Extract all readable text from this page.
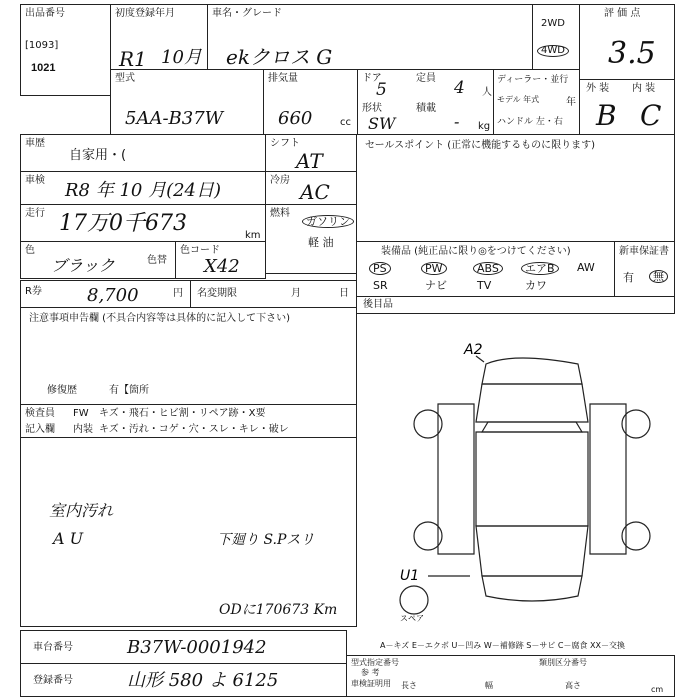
出品番号
[1093]
1021
初度登録年月
R1 10月
車名・グレード
ekクロス G
2WD
4WD
評 価 点
3.5
外 装 内 装
B C
型式
5AA-B37W
排気量
660	cc
ドア
5
定員 4 人
形状
SW
積載
- kg
ディーラー・並行
モデル 年式	年
ハンドル 左・右
車歴
自家用・(
シフト
AT
車検 R8 年 10 月(24日)	冷房 AC
走行 17万0千673	km
燃料
ガソリン
軽 油
色
ブラック	色替
色コード
X42
R券	8,700	円 名変期限	月	日
注意事項申告欄 (不具合内容等は具体的に記入して下さい)
修復歴	有【箇所
セールスポイント (正常に機能するものに限ります)
装備品 (純正品に限り◎をつけてください)
PS	PW	ABS	エアB	AW
SR	ナビ	TV	カワ
新車保証書
有	無
後目品
検査員
記入欄
FW キズ・飛石・ヒビ割・リペア跡・X要
内装 キズ・汚れ・コゲ・穴・スレ・キレ・破レ
室内汚れ
A U	下廻り S.Pスリ
ODに170673 Km
A2
U1
スペア
車台番号	B37W-0001942
登録番号	山形 580 よ 6125
A－キズ E－エクボ U－凹み W－補修跡 S－サビ C－腐食 XX－交換
型式指定番号
参 考
類別区分番号
車検証明用 長さ	幅	高さ	cm
